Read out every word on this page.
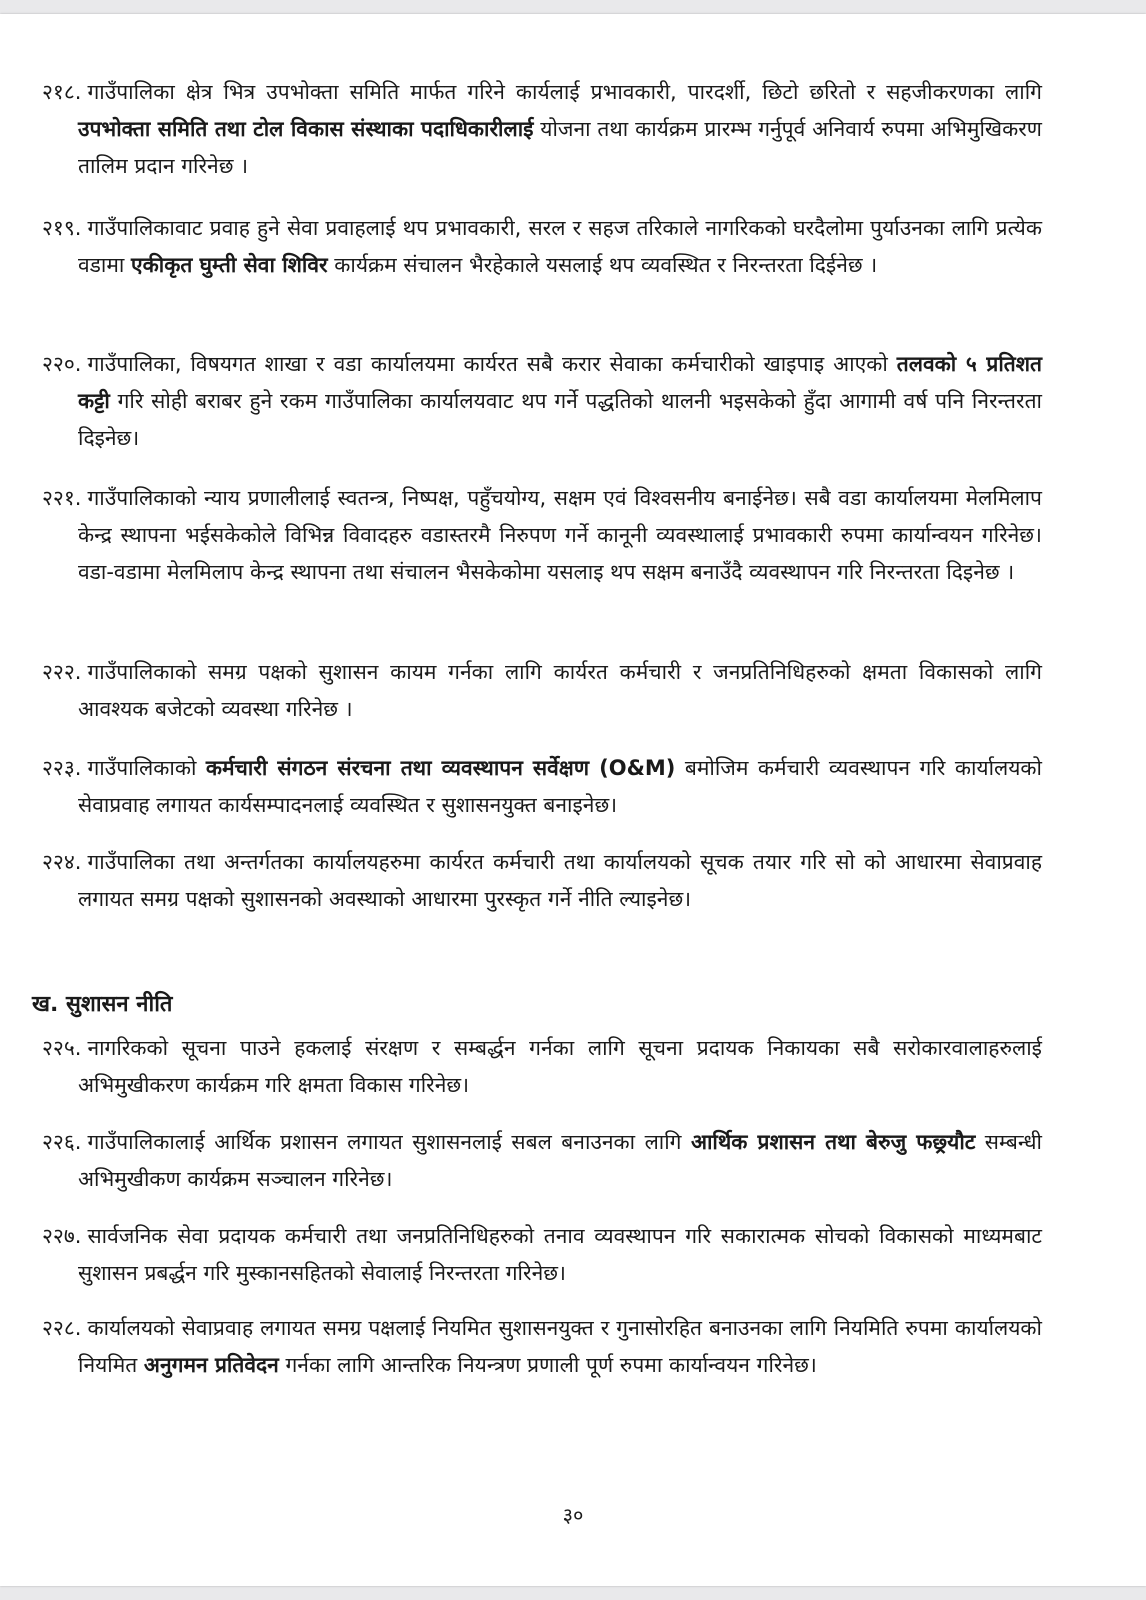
२१८. गाउँपालिका क्षेत्र भित्र उपभोक्ता समिति मार्फत गरिने कार्यलाई प्रभावकारी, पारदर्शी, छिटो छरितो र सहजीकरणका लागि उपभोक्ता समिति तथा टोल विकास संस्थाका पदाधिकारीलाई योजना तथा कार्यक्रम प्रारम्भ गर्नुपूर्व अनिवार्य रुपमा अभिमुखिकरण तालिम प्रदान गरिनेछ ।
२१९. गाउँपालिकावाट प्रवाह हुने सेवा प्रवाहलाई थप प्रभावकारी, सरल र सहज तरिकाले नागरिकको घरदैलोमा पुर्याउनका लागि प्रत्येक वडामा एकीकृत घुम्ती सेवा शिविर कार्यक्रम संचालन भैरहेकाले यसलाई थप व्यवस्थित र निरन्तरता दिईनेछ ।
२२०. गाउँपालिका, विषयगत शाखा र वडा कार्यालयमा कार्यरत सबै करार सेवाका कर्मचारीको खाइपाइ आएको तलवको ५ प्रतिशत कट्टी गरि सोही बराबर हुने रकम गाउँपालिका कार्यालयवाट थप गर्ने पद्धतिको थालनी भइसकेको हुँदा आगामी वर्ष पनि निरन्तरता दिइनेछ।
२२१. गाउँपालिकाको न्याय प्रणालीलाई स्वतन्त्र, निष्पक्ष, पहुँचयोग्य, सक्षम एवं विश्वसनीय बनाईनेछ। सबै वडा कार्यालयमा मेलमिलाप केन्द्र स्थापना भईसकेकोले विभिन्न विवादहरु वडास्तरमै निरुपण गर्ने कानूनी व्यवस्थालाई प्रभावकारी रुपमा कार्यान्वयन गरिनेछ। वडा-वडामा मेलमिलाप केन्द्र स्थापना तथा संचालन भैसकेकोमा यसलाइ थप सक्षम बनाउँदै व्यवस्थापन गरि निरन्तरता दिइनेछ ।
२२२. गाउँपालिकाको समग्र पक्षको सुशासन कायम गर्नका लागि कार्यरत कर्मचारी र जनप्रतिनिधिहरुको क्षमता विकासको लागि आवश्यक बजेटको व्यवस्था गरिनेछ ।
२२३. गाउँपालिकाको कर्मचारी संगठन संरचना तथा व्यवस्थापन सर्वेक्षण (O&M) बमोजिम कर्मचारी व्यवस्थापन गरि कार्यालयको सेवाप्रवाह लगायत कार्यसम्पादनलाई व्यवस्थित र सुशासनयुक्त बनाइनेछ।
२२४. गाउँपालिका तथा अन्तर्गतका कार्यालयहरुमा कार्यरत कर्मचारी तथा कार्यालयको सूचक तयार गरि सो को आधारमा सेवाप्रवाह लगायत समग्र पक्षको सुशासनको अवस्थाको आधारमा पुरस्कृत गर्ने नीति ल्याइनेछ।
ख. सुशासन नीति
२२५. नागरिकको सूचना पाउने हकलाई संरक्षण र सम्बर्द्धन गर्नका लागि सूचना प्रदायक निकायका सबै सरोकारवालाहरुलाई अभिमुखीकरण कार्यक्रम गरि क्षमता विकास गरिनेछ।
२२६. गाउँपालिकालाई आर्थिक प्रशासन लगायत सुशासनलाई सबल बनाउनका लागि आर्थिक प्रशासन तथा बेरुजु फछ्र्यौट सम्बन्धी अभिमुखीकण कार्यक्रम सञ्चालन गरिनेछ।
२२७. सार्वजनिक सेवा प्रदायक कर्मचारी तथा जनप्रतिनिधिहरुको तनाव व्यवस्थापन गरि सकारात्मक सोचको विकासको माध्यमबाट सुशासन प्रबर्द्धन गरि मुस्कानसहितको सेवालाई निरन्तरता गरिनेछ।
२२८. कार्यालयको सेवाप्रवाह लगायत समग्र पक्षलाई नियमित सुशासनयुक्त र गुनासोरहित बनाउनका लागि नियमिति रुपमा कार्यालयको नियमित अनुगमन प्रतिवेदन गर्नका लागि आन्तरिक नियन्त्रण प्रणाली पूर्ण रुपमा कार्यान्वयन गरिनेछ।
३०
